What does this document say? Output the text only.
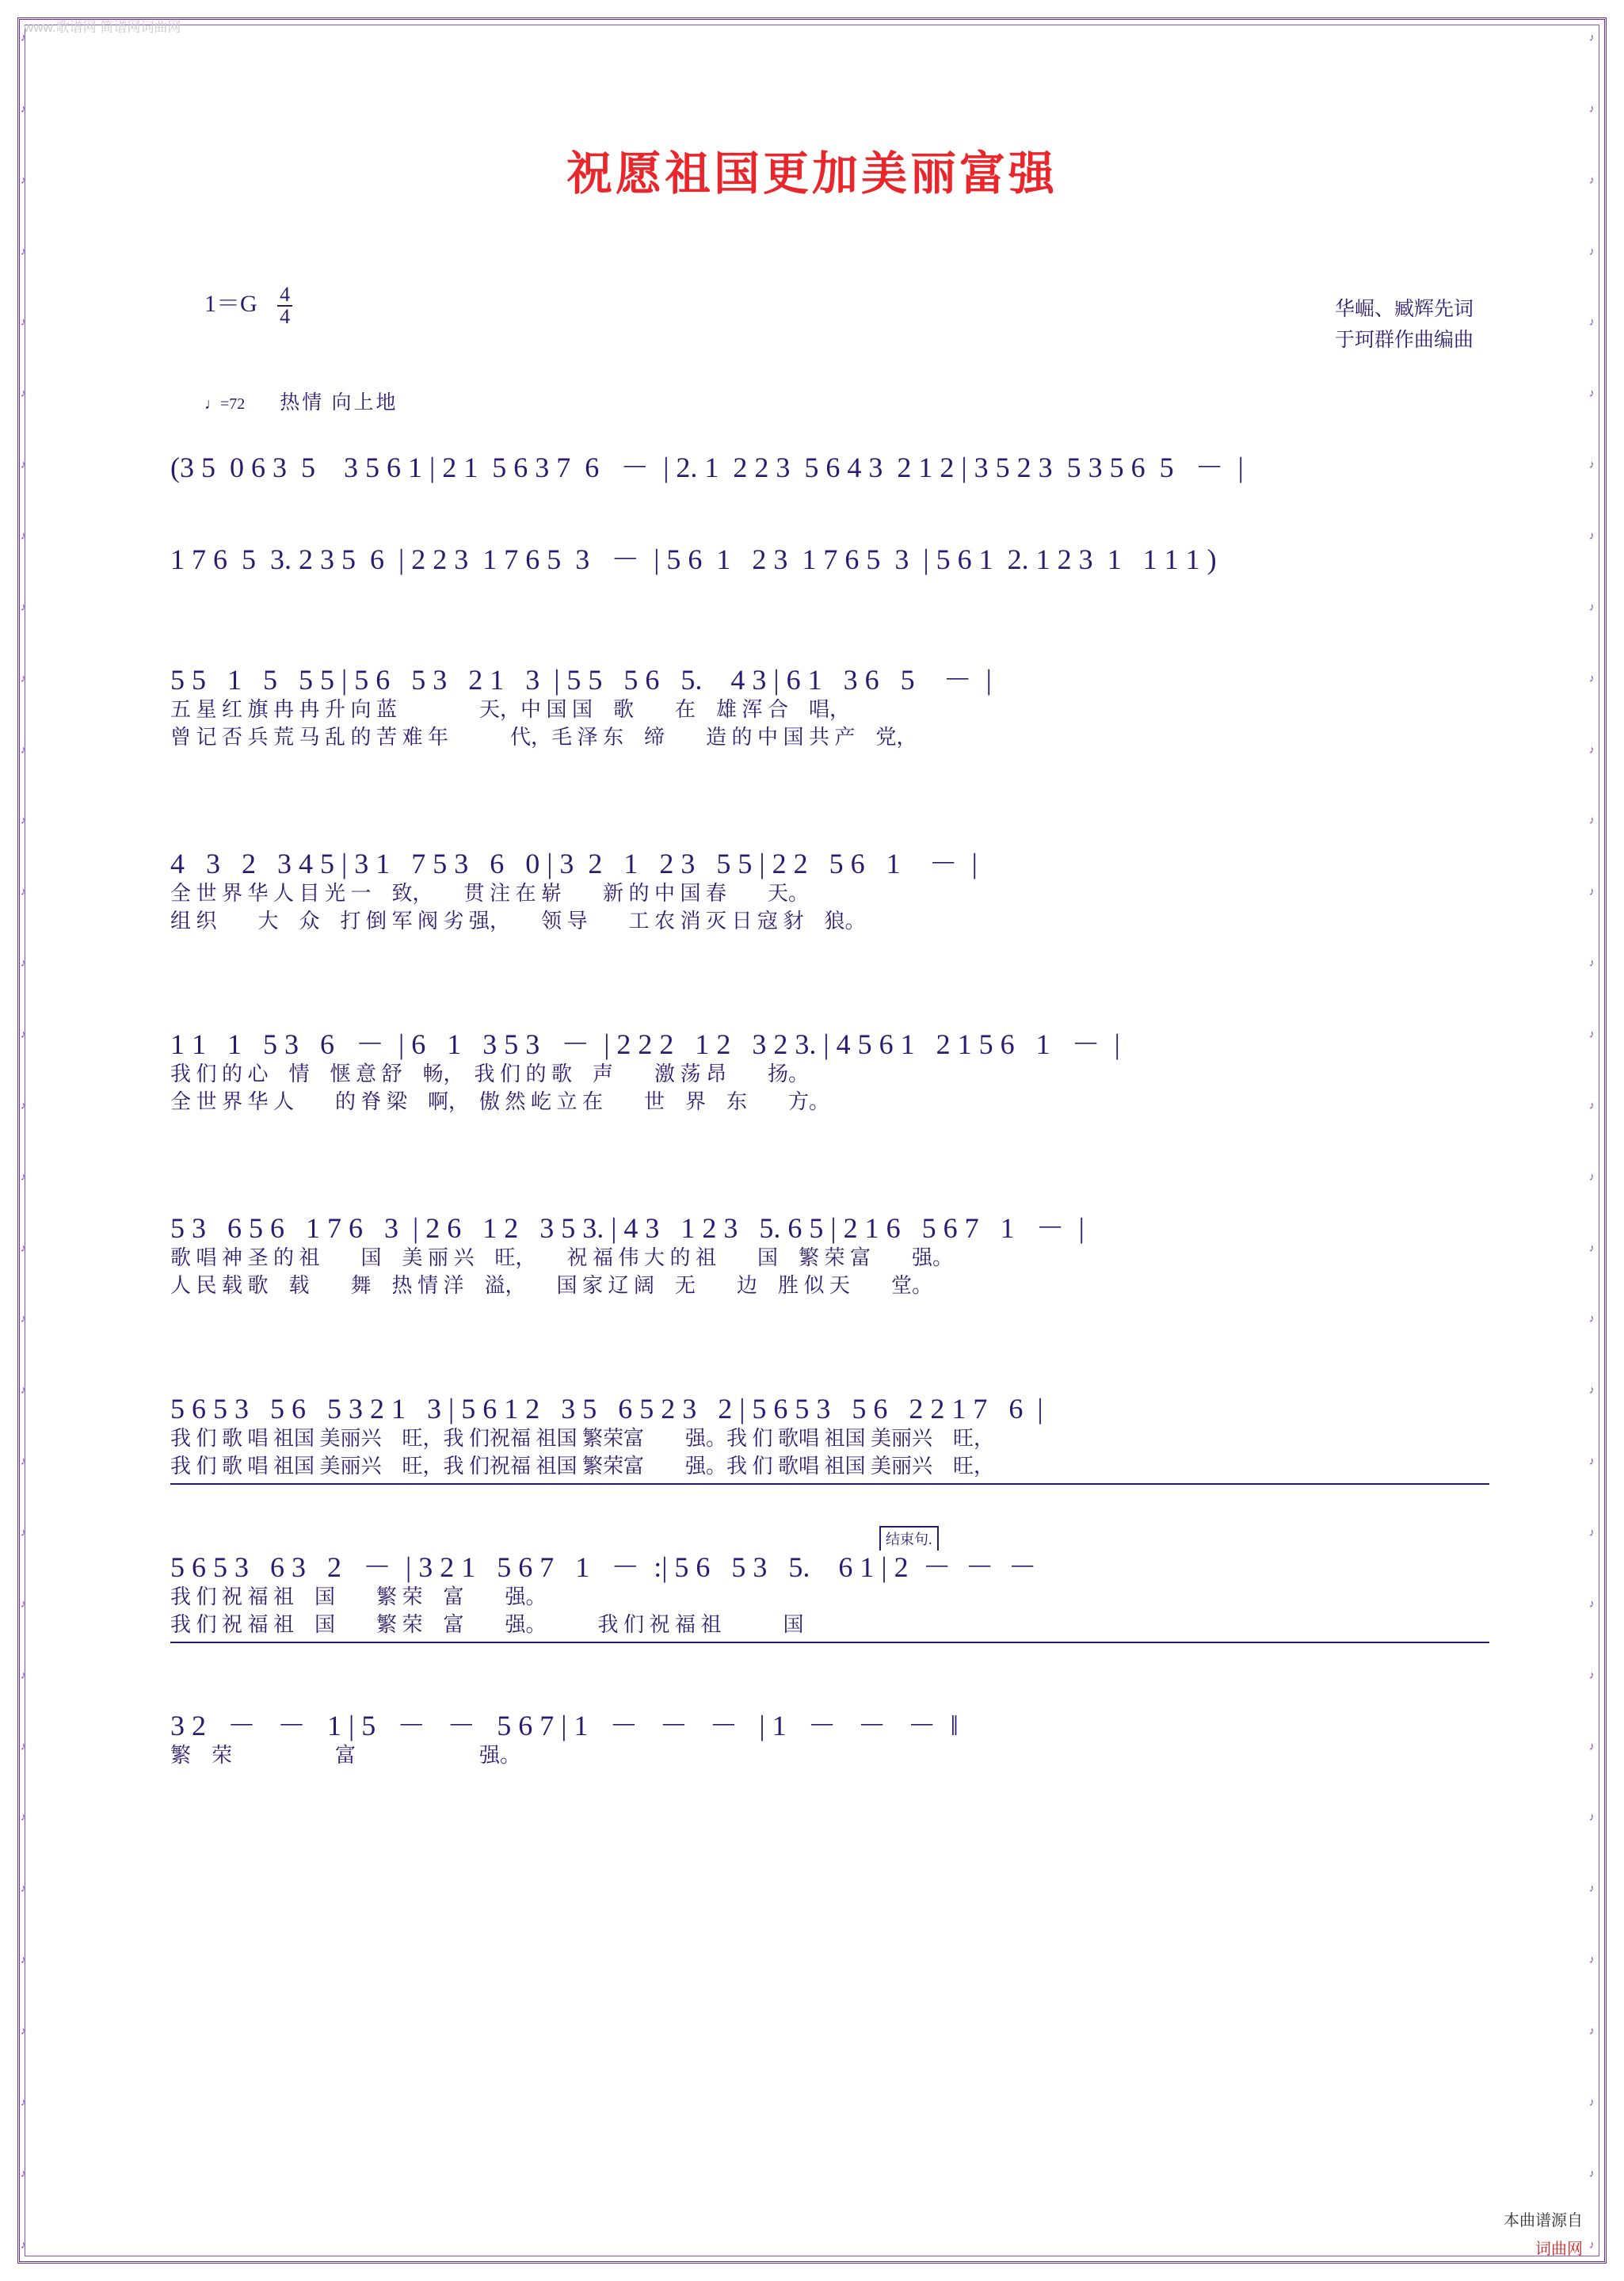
♪
♪
♪
♪
♪
♪
♪
♪
♪
♪
♪
♪
♪
♪
♪
♪
♪
♪
♪
♪
♪
♪
♪
♪
♪
♪
♪
♪
♪
♪
♪
♪
♪
♪
♪
♪
♪
♪
♪
♪
♪
♪
♪
♪
♪
♪
♪
♪
♪
♪
♪
♪
♪
♪
♪
♪
♪
♪
♪
♪
♪
♪
♪
♪
www.歌谱网 简谱网词曲网
本曲谱源自
词曲网
祝愿祖国更加美丽富强
$1=G \frac{4}{4}$	华崛、臧辉先词
于珂群作曲编曲
♩=72 热情 向上地
(3 5  0 6 3  5    3 5 6 1 | 2 1  5 6 3 7  6   －  | 2. 1  2 2 3  5 6 4 3  2 1 2 | 3 5 2 3  5 3 5 6  5   －  |
1 7 6  5  3. 2 3 5  6  | 2 2 3  1 7 6 5  3   －  | 5 6  1   2 3  1 7 6 5  3  | 5 6 1  2. 1 2 3  1   1 1 1 )
5 5   1   5   5 5 | 5 6   5 3   2 1   3  | 5 5   5 6   5.    4 3 | 6 1   3 6   5    －  |
五 星 红 旗 冉 冉 升 向 蓝　　　　天，中 国 国　歌　　在　雄 浑 合　唱，
曾 记 否 兵 荒 马 乱 的 苦 难 年　　　代，毛 泽 东　缔　　造 的 中 国 共 产　党，
4   3   2   3 4 5 | 3 1   7 5 3   6   0 | 3  2   1   2 3   5 5 | 2 2   5 6   1    －  |
全 世 界 华 人 目 光 一　致，　　贯 注 在 崭　　新 的 中 国 春　　天。
组 织　　大　众　打 倒 军 阀 劣 强，　　领 导　　工 农 消 灭 日 寇 豺　狼。
1 1   1   5 3   6   －  | 6   1   3 5 3   －  | 2 2 2   1 2   3 2 3. | 4 5 6 1   2 1 5 6   1   －  |
我 们 的 心　情　惬 意 舒　畅，　我 们 的 歌　声　　激 荡 昂　　扬。
全 世 界 华 人　　的 脊 梁　啊，　傲 然 屹 立 在　　世　界　东　　方。
5 3   6 5 6   1 7 6   3  | 2 6   1 2   3 5 3. | 4 3   1 2 3   5. 6 5 | 2 1 6   5 6 7   1   －  |
歌 唱 神 圣 的 祖　　国　美 丽 兴　旺，　　祝 福 伟 大 的 祖　　国　繁 荣 富　　强。
人 民 载 歌　载　　舞　热 情 洋　溢，　　国 家 辽 阔　无　　边　胜 似 天　　堂。
5 6 5 3   5 6   5 3 2 1   3 | 5 6 1 2   3 5   6 5 2 3   2 | 5 6 5 3   5 6   2 2 1 7   6  |
我 们 歌 唱 祖国 美丽兴　旺，我 们祝福 祖国 繁荣富　　强。我 们 歌唱 祖国 美丽兴　旺，
我 们 歌 唱 祖国 美丽兴　旺，我 们祝福 祖国 繁荣富　　强。我 们 歌唱 祖国 美丽兴　旺，
结束句.
5 6 5 3   6 3   2   －  | 3 2 1   5 6 7   1   －  :| 5 6   5 3   5.    6 1 | 2  －  －  －
我 们 祝 福 祖　国　　繁 荣　富　　强。
我 们 祝 福 祖　国　　繁 荣　富　　强。　　　我 们 祝 福 祖　　　国
3 2   －   －   1 | 5   －   －   5 6 7 | 1   －   －   －   | 1   －   －   －  ‖
繁　荣　　　　　富　　　　　　强。
